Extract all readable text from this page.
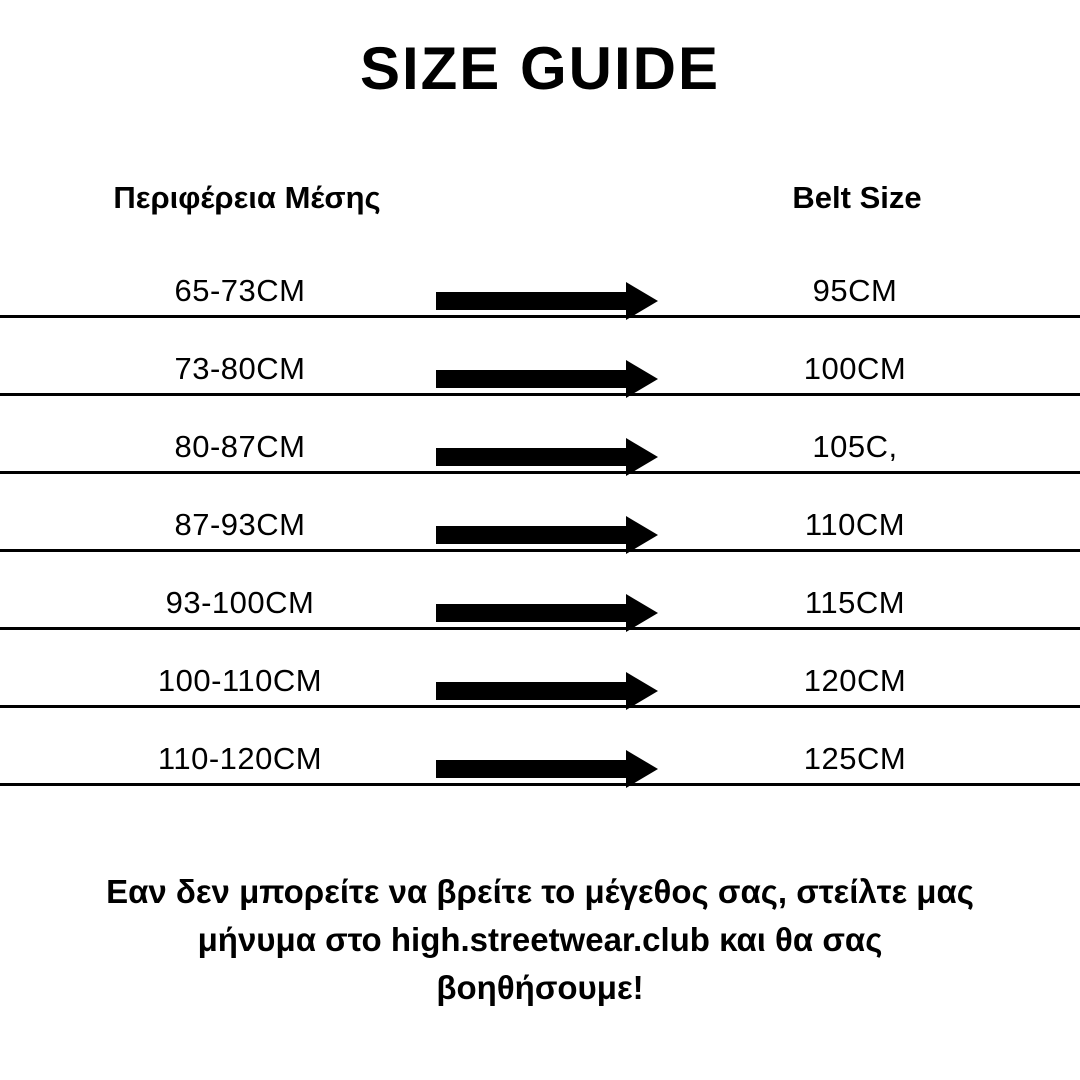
SIZE GUIDE
Περιφέρεια Μέσης	Belt Size
65-73CM	95CM
73-80CM	100CM
80-87CM	105C,
87-93CM	110CM
93-100CM	115CM
100-110CM	120CM
110-120CM	125CM

Εαν δεν μπορείτε να βρείτε το μέγεθος σας, στείλτε μας μήνυμα στο high.streetwear.club και θα σας βοηθήσουμε!
